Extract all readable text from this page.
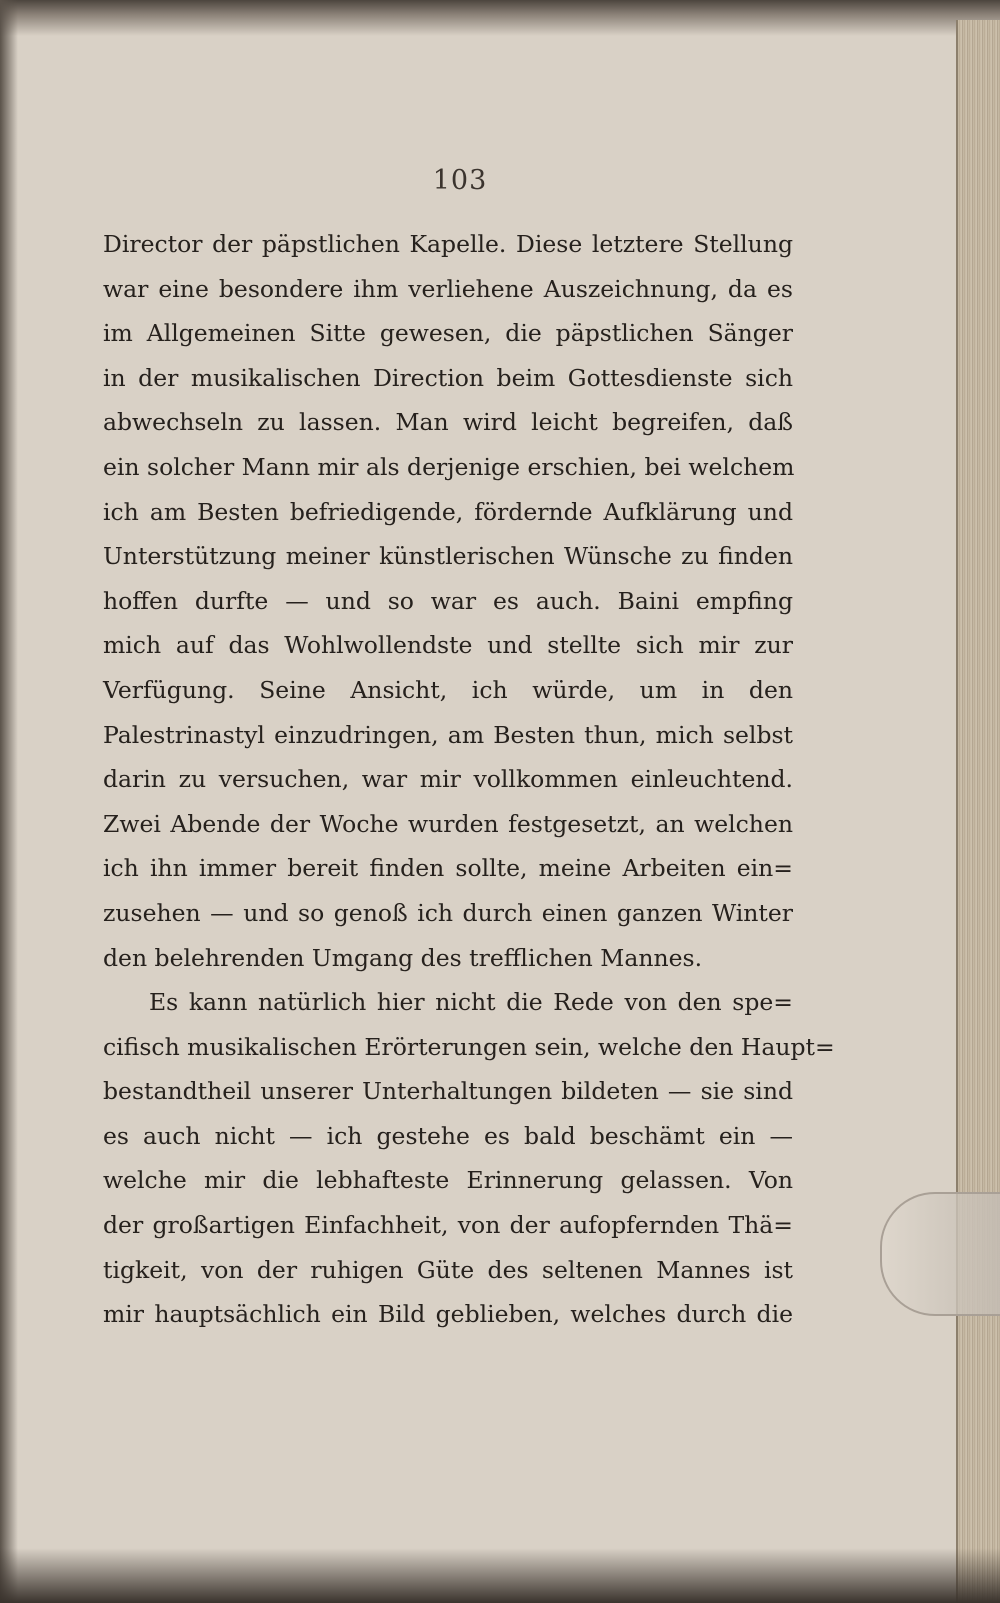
103
Director der päpstlichen Kapelle. Diese letztere Stellung
war eine besondere ihm verliehene Auszeichnung, da es
im Allgemeinen Sitte gewesen, die päpstlichen Sänger
in der musikalischen Direction beim Gottesdienste sich
abwechseln zu lassen. Man wird leicht begreifen, daß
ein solcher Mann mir als derjenige erschien, bei welchem
ich am Besten befriedigende, fördernde Aufklärung und
Unterstützung meiner künstlerischen Wünsche zu finden
hoffen durfte — und so war es auch. Baini empfing
mich auf das Wohlwollendste und stellte sich mir zur
Verfügung. Seine Ansicht, ich würde, um in den
Palestrinastyl einzudringen, am Besten thun, mich selbst
darin zu versuchen, war mir vollkommen einleuchtend.
Zwei Abende der Woche wurden festgesetzt, an welchen
ich ihn immer bereit finden sollte, meine Arbeiten ein=
zusehen — und so genoß ich durch einen ganzen Winter
den belehrenden Umgang des trefflichen Mannes.
Es kann natürlich hier nicht die Rede von den spe=
cifisch musikalischen Erörterungen sein, welche den Haupt=
bestandtheil unserer Unterhaltungen bildeten — sie sind
es auch nicht — ich gestehe es bald beschämt ein —
welche mir die lebhafteste Erinnerung gelassen. Von
der großartigen Einfachheit, von der aufopfernden Thä=
tigkeit, von der ruhigen Güte des seltenen Mannes ist
mir hauptsächlich ein Bild geblieben, welches durch die
